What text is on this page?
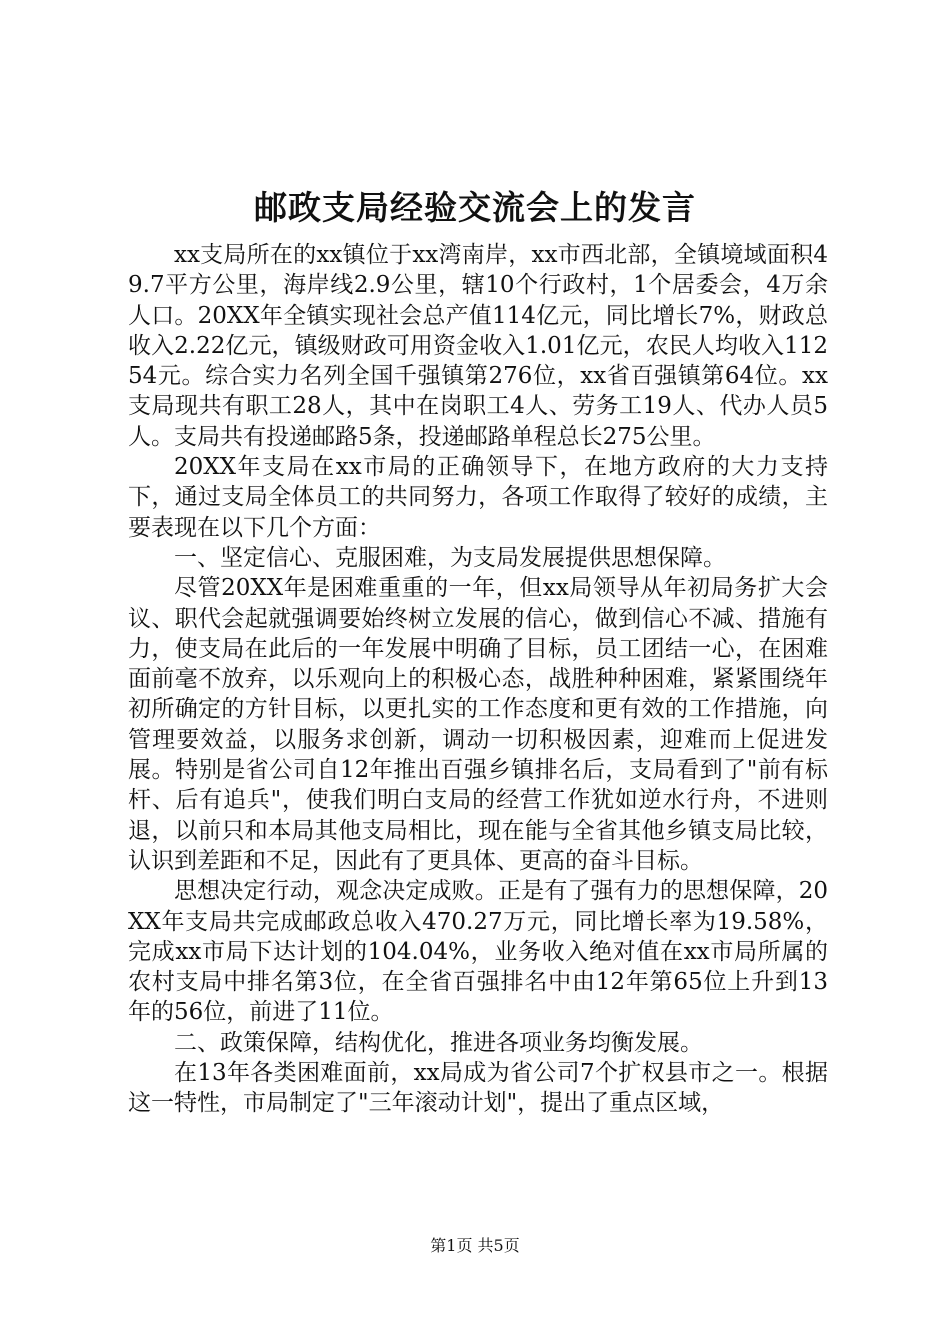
邮政支局经验交流会上的发言

xx支局所在的xx镇位于xx湾南岸，xx市西北部，全镇境域面积49.7平方公里，海岸线2.9公里，辖10个行政村，1个居委会，4万余人口。20XX年全镇实现社会总产值114亿元，同比增长7%，财政总收入2.22亿元，镇级财政可用资金收入1.01亿元，农民人均收入11254元。综合实力名列全国千强镇第276位，xx省百强镇第64位。xx支局现共有职工28人，其中在岗职工4人、劳务工19人、代办人员5人。支局共有投递邮路5条，投递邮路单程总长275公里。

20XX年支局在xx市局的正确领导下，在地方政府的大力支持下，通过支局全体员工的共同努力，各项工作取得了较好的成绩，主要表现在以下几个方面：

一、坚定信心、克服困难，为支局发展提供思想保障。

尽管20XX年是困难重重的一年，但xx局领导从年初局务扩大会议、职代会起就强调要始终树立发展的信心，做到信心不减、措施有力，使支局在此后的一年发展中明确了目标，员工团结一心，在困难面前毫不放弃，以乐观向上的积极心态，战胜种种困难，紧紧围绕年初所确定的方针目标，以更扎实的工作态度和更有效的工作措施，向管理要效益，以服务求创新，调动一切积极因素，迎难而上促进发展。特别是省公司自12年推出百强乡镇排名后，支局看到了"前有标杆、后有追兵"，使我们明白支局的经营工作犹如逆水行舟，不进则退，以前只和本局其他支局相比，现在能与全省其他乡镇支局比较，认识到差距和不足，因此有了更具体、更高的奋斗目标。

思想决定行动，观念决定成败。正是有了强有力的思想保障，20XX年支局共完成邮政总收入470.27万元，同比增长率为19.58%，完成xx市局下达计划的104.04%，业务收入绝对值在xx市局所属的农村支局中排名第3位，在全省百强排名中由12年第65位上升到13年的56位，前进了11位。

二、政策保障，结构优化，推进各项业务均衡发展。

在13年各类困难面前，xx局成为省公司7个扩权县市之一。根据这一特性，市局制定了"三年滚动计划"，提出了重点区域，

第1页 共5页
